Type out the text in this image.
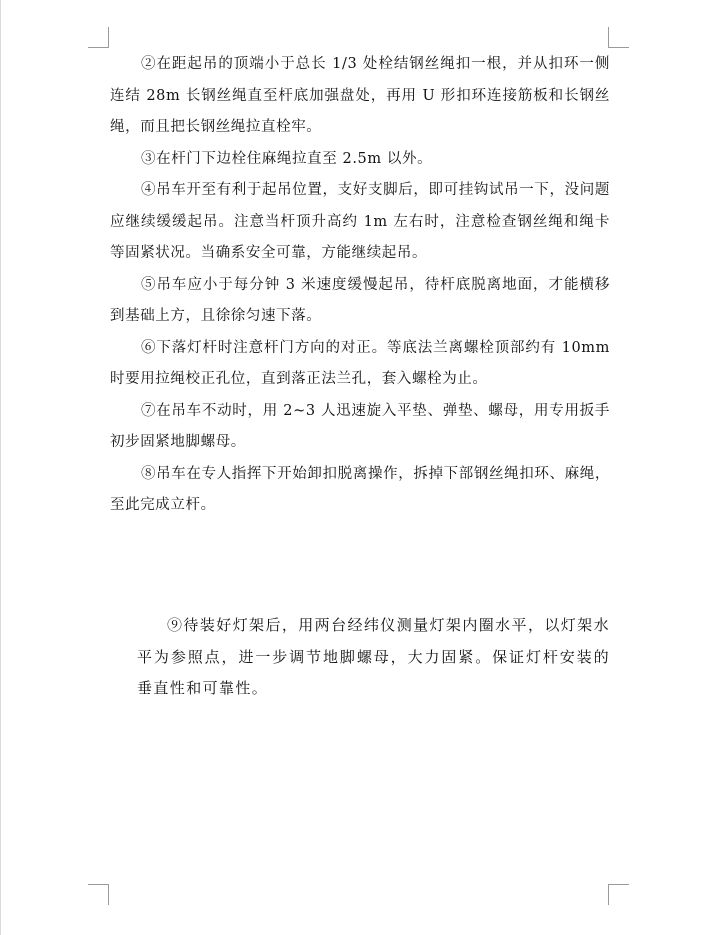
②在距起吊的顶端小于总长 1/3 处栓结钢丝绳扣一根，并从扣环一侧连结 28m 长钢丝绳直至杆底加强盘处，再用 U 形扣环连接筋板和长钢丝绳，而且把长钢丝绳拉直栓牢。

③在杆门下边栓住麻绳拉直至 2.5m 以外。

④吊车开至有利于起吊位置，支好支脚后，即可挂钩试吊一下，没问题应继续缓缓起吊。注意当杆顶升高约 1m 左右时，注意检查钢丝绳和绳卡等固紧状况。当确系安全可靠，方能继续起吊。

⑤吊车应小于每分钟 3 米速度缓慢起吊，待杆底脱离地面，才能横移到基础上方，且徐徐匀速下落。

⑥下落灯杆时注意杆门方向的对正。等底法兰离螺栓顶部约有 10mm 时要用拉绳校正孔位，直到落正法兰孔，套入螺栓为止。

⑦在吊车不动时，用 2~3 人迅速旋入平垫、弹垫、螺母，用专用扳手初步固紧地脚螺母。

⑧吊车在专人指挥下开始卸扣脱离操作，拆掉下部钢丝绳扣环、麻绳，至此完成立杆。

⑨待装好灯架后，用两台经纬仪测量灯架内圈水平，以灯架水平为参照点，进一步调节地脚螺母，大力固紧。保证灯杆安装的垂直性和可靠性。
